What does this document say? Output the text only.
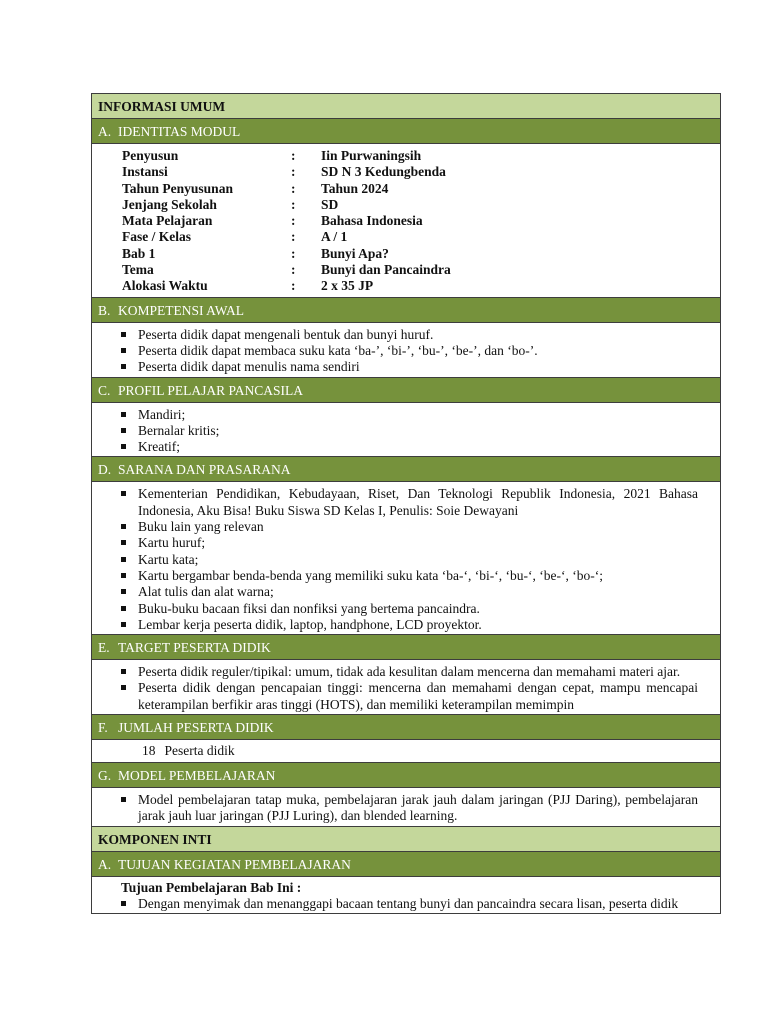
INFORMASI UMUM
A. IDENTITAS MODUL
Penyusun	:	Iin Purwaningsih
Instansi	:	SD N 3 Kedungbenda
Tahun Penyusunan	:	Tahun 2024
Jenjang Sekolah	:	SD
Mata Pelajaran	:	Bahasa Indonesia
Fase / Kelas	:	A / 1
Bab 1	:	Bunyi Apa?
Tema	:	Bunyi dan Pancaindra
Alokasi Waktu	:	2 x 35 JP
B. KOMPETENSI AWAL
Peserta didik dapat mengenali bentuk dan bunyi huruf.
Peserta didik dapat membaca suku kata ‘ba-’, ‘bi-’, ‘bu-’, ‘be-’, dan ‘bo-’.
Peserta didik dapat menulis nama sendiri
C. PROFIL PELAJAR PANCASILA
Mandiri;
Bernalar kritis;
Kreatif;
D. SARANA DAN PRASARANA
Kementerian Pendidikan, Kebudayaan, Riset, Dan Teknologi Republik Indonesia, 2021 Bahasa Indonesia, Aku Bisa! Buku Siswa SD Kelas I, Penulis: Soie Dewayani
Buku lain yang relevan
Kartu huruf;
Kartu kata;
Kartu bergambar benda-benda yang memiliki suku kata ‘ba-‘, ‘bi-‘, ‘bu-‘, ‘be-‘, ‘bo-‘;
Alat tulis dan alat warna;
Buku-buku bacaan fiksi dan nonfiksi yang bertema pancaindra.
Lembar kerja peserta didik, laptop, handphone, LCD proyektor.
E. TARGET PESERTA DIDIK
Peserta didik reguler/tipikal: umum, tidak ada kesulitan dalam mencerna dan memahami materi ajar.
Peserta didik dengan pencapaian tinggi: mencerna dan memahami dengan cepat, mampu mencapai keterampilan berfikir aras tinggi (HOTS), dan memiliki keterampilan memimpin
F. JUMLAH PESERTA DIDIK
18 Peserta didik
G. MODEL PEMBELAJARAN
Model pembelajaran tatap muka, pembelajaran jarak jauh dalam jaringan (PJJ Daring), pembelajaran jarak jauh luar jaringan (PJJ Luring), dan blended learning.
KOMPONEN INTI
A. TUJUAN KEGIATAN PEMBELAJARAN
Tujuan Pembelajaran Bab Ini :
Dengan menyimak dan menanggapi bacaan tentang bunyi dan pancaindra secara lisan, peserta didik
